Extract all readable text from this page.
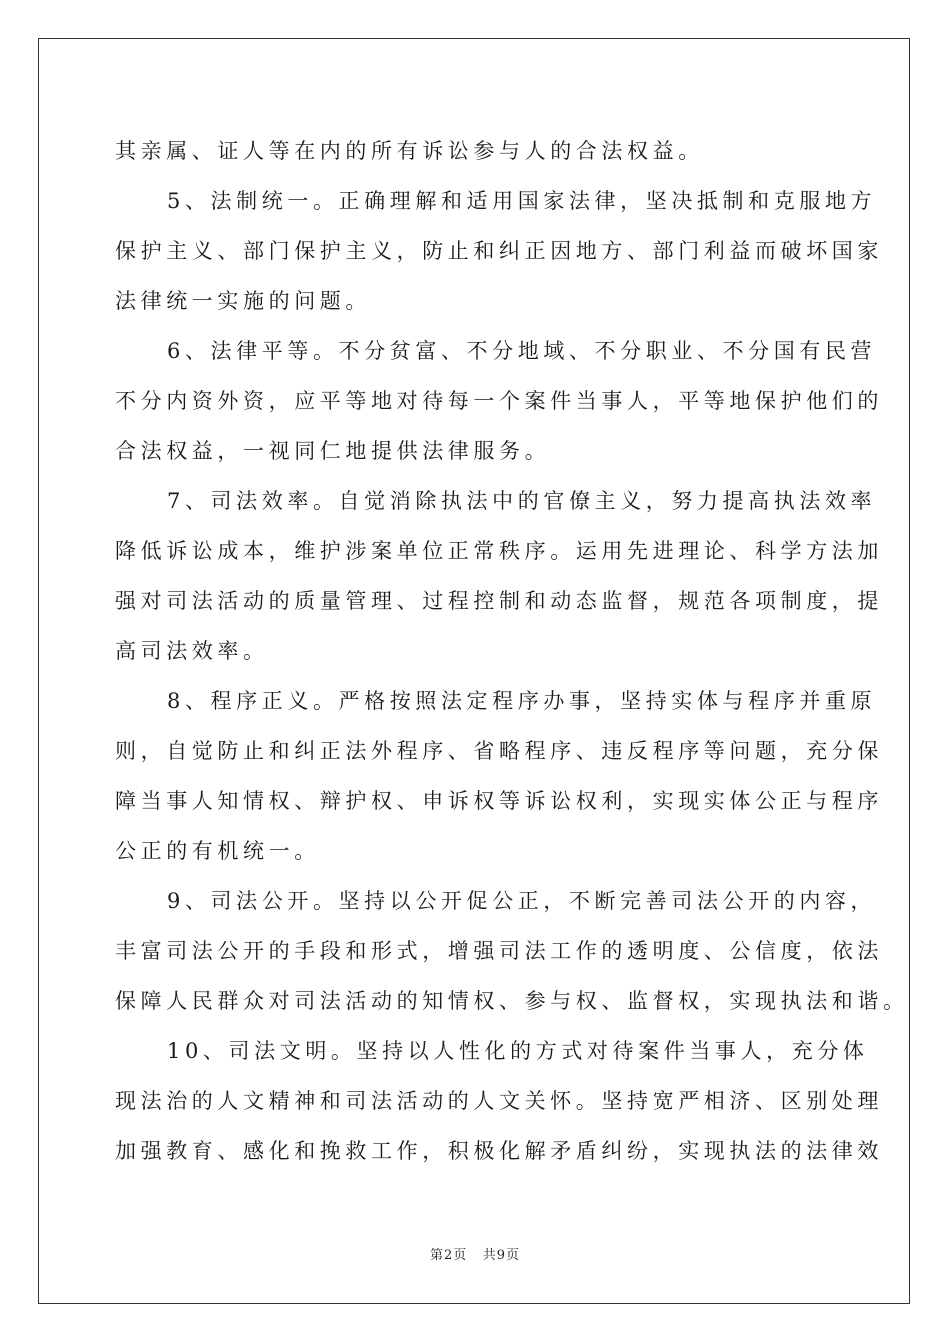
其亲属、证人等在内的所有诉讼参与人的合法权益。
5、法制统一。正确理解和适用国家法律，坚决抵制和克服地方
保护主义、部门保护主义，防止和纠正因地方、部门利益而破坏国家
法律统一实施的问题。
6、法律平等。不分贫富、不分地域、不分职业、不分国有民营
不分内资外资，应平等地对待每一个案件当事人，平等地保护他们的
合法权益，一视同仁地提供法律服务。
7、司法效率。自觉消除执法中的官僚主义，努力提高执法效率
降低诉讼成本，维护涉案单位正常秩序。运用先进理论、科学方法加
强对司法活动的质量管理、过程控制和动态监督，规范各项制度，提
高司法效率。
8、程序正义。严格按照法定程序办事，坚持实体与程序并重原
则，自觉防止和纠正法外程序、省略程序、违反程序等问题，充分保
障当事人知情权、辩护权、申诉权等诉讼权利，实现实体公正与程序
公正的有机统一。
9、司法公开。坚持以公开促公正，不断完善司法公开的内容，
丰富司法公开的手段和形式，增强司法工作的透明度、公信度，依法
保障人民群众对司法活动的知情权、参与权、监督权，实现执法和谐。
10、司法文明。坚持以人性化的方式对待案件当事人，充分体
现法治的人文精神和司法活动的人文关怀。坚持宽严相济、区别处理
加强教育、感化和挽救工作，积极化解矛盾纠纷，实现执法的法律效
第2页 共9页
